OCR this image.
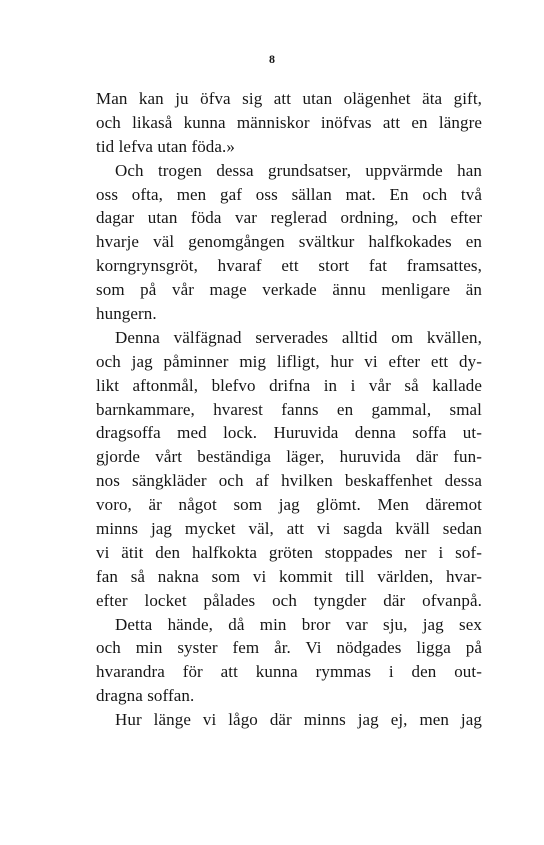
8
Man kan ju öfva sig att utan olägenhet äta gift,
och likaså kunna människor inöfvas att en längre
tid lefva utan föda.»
Och trogen dessa grundsatser, uppvärmde han
oss ofta, men gaf oss sällan mat. En och två
dagar utan föda var reglerad ordning, och efter
hvarje väl genomgången svältkur halfkokades en
korngrynsgröt, hvaraf ett stort fat framsattes,
som på vår mage verkade ännu menligare än
hungern.
Denna välfägnad serverades alltid om kvällen,
och jag påminner mig lifligt, hur vi efter ett dy-
likt aftonmål, blefvo drifna in i vår så kallade
barnkammare, hvarest fanns en gammal, smal
dragsoffa med lock. Huruvida denna soffa ut-
gjorde vårt beständiga läger, huruvida där fun-
nos sängkläder och af hvilken beskaffenhet dessa
voro, är något som jag glömt. Men däremot
minns jag mycket väl, att vi sagda kväll sedan
vi ätit den halfkokta gröten stoppades ner i sof-
fan så nakna som vi kommit till världen, hvar-
efter locket pålades och tyngder där ofvanpå.
Detta hände, då min bror var sju, jag sex
och min syster fem år. Vi nödgades ligga på
hvarandra för att kunna rymmas i den out-
dragna soffan.
Hur länge vi lågo där minns jag ej, men jag
